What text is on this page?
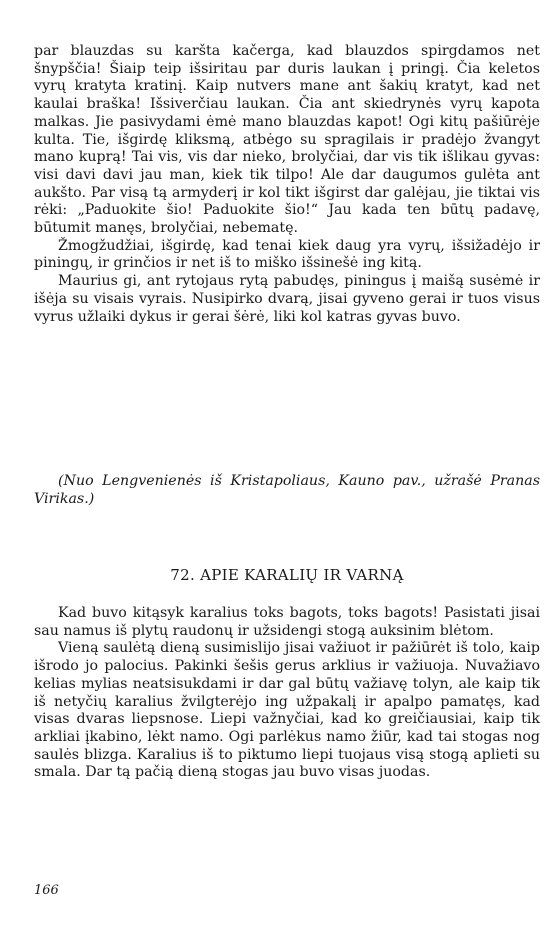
par blauzdas su karšta kačerga, kad blauzdos spirgdamos net šnypščia! Šiaip teip išsiritau par duris laukan į pringį. Čia keletos vyrų kratyta kratinį. Kaip nutvers mane ant šakių kratyt, kad net kaulai braška! Išsiverčiau laukan. Čia ant skiedrynės vyrų kapota malkas. Jie pasivydami ėmė mano blauzdas kapot! Ogi kitų pašiūrėje kulta. Tie, išgirdę kliksmą, atbėgo su spragilais ir pradėjo žvangyt mano kuprą! Tai vis, vis dar nieko, brolyčiai, dar vis tik išlikau gyvas: visi davi davi jau man, kiek tik tilpo! Ale dar daugumos gulėta ant aukšto. Par visą tą armyderį ir kol tikt išgirst dar galėjau, jie tiktai vis rėki: „Paduokite šio! Paduokite šio!“ Jau kada ten būtų padavę, būtumit manęs, brolyčiai, nebematę.

Žmogžudžiai, išgirdę, kad tenai kiek daug yra vyrų, išsižadėjo ir piningų, ir grinčios ir net iš to miško išsinešė ing kitą.

Maurius gi, ant rytojaus rytą pabudęs, piningus į maišą susėmė ir išėja su visais vyrais. Nusipirko dvarą, jisai gyveno gerai ir tuos visus vyrus užlaiki dykus ir gerai šėrė, liki kol katras gyvas buvo.

(Nuo Lengvenienės iš Kristapoliaus, Kauno pav., užrašė Pranas Virikas.)

72. APIE KARALIŲ IR VARNĄ

Kad buvo kitąsyk karalius toks bagots, toks bagots! Pasistati jisai sau namus iš plytų raudonų ir užsidengi stogą auksinim blėtom.

Vieną saulėtą dieną susimislijo jisai važiuot ir pažiūrėt iš tolo, kaip išrodo jo palocius. Pakinki šešis gerus arklius ir važiuoja. Nuvažiavo kelias mylias neatsisukdami ir dar gal būtų važiavę tolyn, ale kaip tik iš netyčių karalius žvilgterėjo ing užpakalį ir apalpo pamatęs, kad visas dvaras liepsnose. Liepi važnyčiai, kad ko greičiausiai, kaip tik arkliai įkabino, lėkt namo. Ogi parlėkus namo žiūr, kad tai stogas nog saulės blizga. Karalius iš to piktumo liepi tuojaus visą stogą aplieti su smala. Dar tą pačią dieną stogas jau buvo visas juodas.

166
